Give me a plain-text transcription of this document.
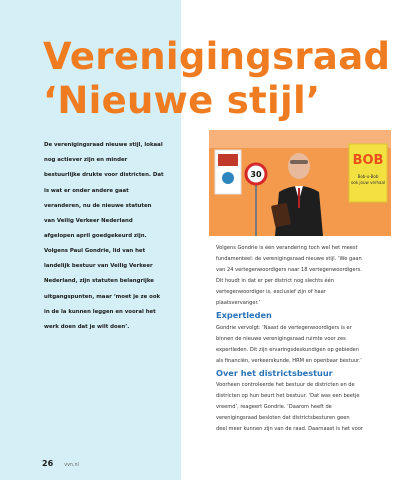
Verenigingsraad
‘Nieuwe stijl’
De verenigingsraad nieuwe stijl, lokaal
nog actiever zijn en minder
bestuurlijke drukte voor districten. Dat
is wat er onder andere gaat
veranderen, nu de nieuwe statuten
van Veilig Verkeer Nederland
afgelopen april goedgekeurd zijn.
Volgens Paul Gondrie, lid van het
landelijk bestuur van Veilig Verkeer
Nederland, zijn statuten belangrijke
uitgangspunten, maar ‘moet je ze ook
in de la kunnen leggen en vooral het
werk doen dat je wilt doen’.
30
BOB
Bob-o-Bob
ook jouw verhaal
Volgens Gondrie is één verandering toch wel het meest
fundamenteel: de verenigingsraad nieuwe stijl. ‘We gaan
van 24 vertegenwoordigers naar 18 vertegenwoordigers.
Dit houdt in dat er per district nog slechts één
vertegenwoordiger is, exclusief zijn of haar
plaatsvervanger.’
Expertleden
Gondrie vervolgt: ‘Naast de vertegenwoordigers is er
binnen de nieuwe verenigingsraad ruimte voor zes
expertleden. Dit zijn ervaringsdeskundigen op gebieden
als financiën, verkeerskunde, HRM en openbaar bestuur.’
Over het districtsbestuur
Voorheen controleerde het bestuur de districten en de
districten op hun beurt het bestuur. ‘Dat was een beetje
vreemd’, reageert Gondrie. ‘Daarom heeft de
verenigingsraad besloten dat districtsbesturen geen
deel meer kunnen zijn van de raad. Daarnaast is het voor
26 vvn.nl
